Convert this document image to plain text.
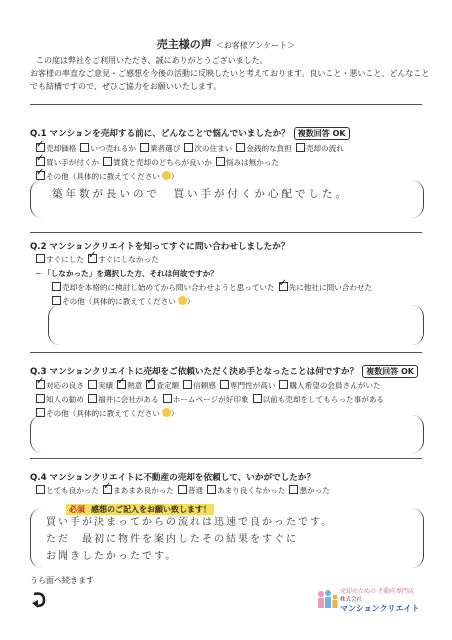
売主様の声 ＜お客様アンケート＞
この度は弊社をご利用いただき、誠にありがとうございました。
お客様の率直なご意見・ご感想を今後の活動に反映したいと考えております。良いこと・悪いこと、どんなことでも結構ですので、ぜひご協力をお願いいたします。
Q.1 マンションを売却する前に、どんなことで悩んでいましたか？ 複数回答 OK
✓売却価格 いつ売れるか 業者選び 次の住まい 金銭的な負担 売却の流れ
✓買い手が付くか 賃貸と売却のどちらが良いか 悩みは無かった
✓その他（具体的に教えてください ）
築年数が長いので　買い手が付くか心配でした。
Q.2 マンションクリエイトを知ってすぐに問い合わせしましたか？
すぐにした ✓ すぐにしなかった
─ 「しなかった」を選択した方、それは何故ですか？
売却を本格的に検討し始めてから問い合わせようと思っていた ✓ 先に他社に問い合わせた
その他（具体的に教えてください ）
Q.3 マンションクリエイトに売却をご依頼いただく決め手となったことは何ですか？ 複数回答 OK
✓対応の良さ 実績 ✓ 熱意 ✓ 査定額 信頼感 専門性が高い 購入希望の会員さんがいた
知人の勧め 福井に会社がある ホームページが好印象 以前も売却をしてもらった事がある
その他（具体的に教えてください ）
Q.4 マンションクリエイトに不動産の売却を依頼して、いかがでしたか？
とても良かった ✓ まあまあ良かった 普通 あまり良くなかった 悪かった
必須 感想のご記入をお願い致します！
買い手が決まってからの流れは迅速で良かったです。
ただ　最初に物件を案内したその結果をすぐに
お聞きしたかったです。
うら面へ続きます
売却のための 不動産専門店
株式会社
マンションクリエイト
